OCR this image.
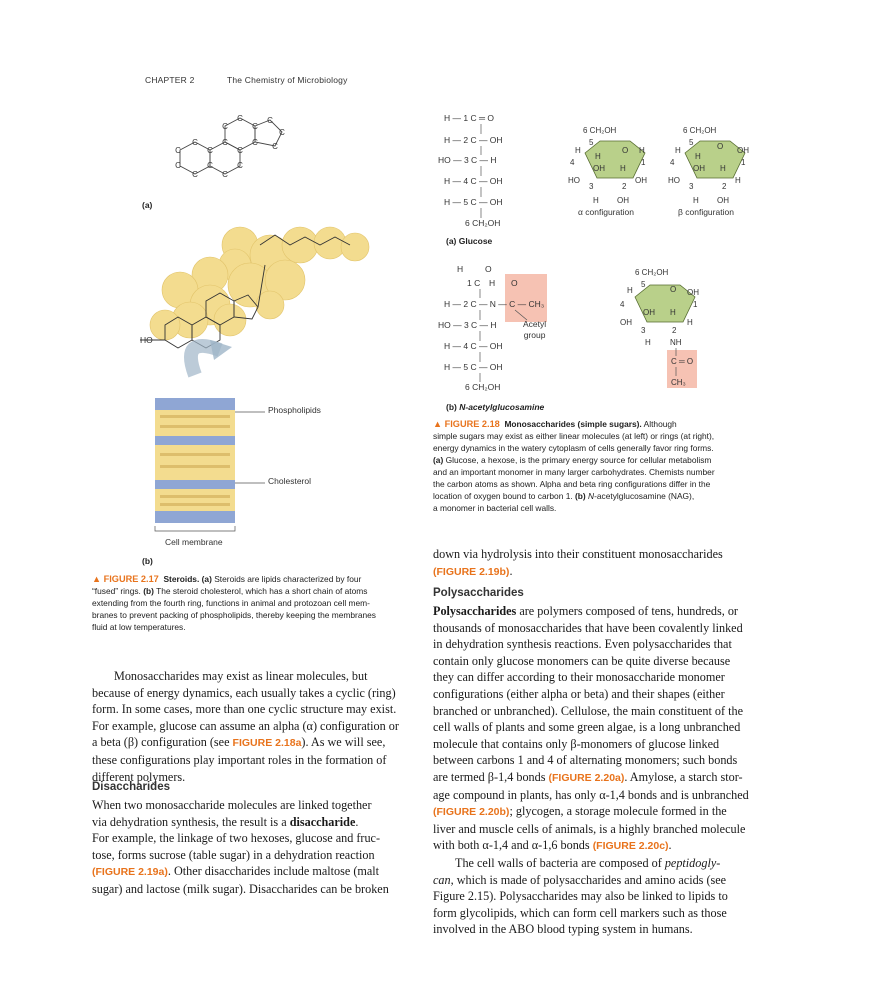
CHAPTER 2	The Chemistry of Microbiology
C
C
C
C
C
C
C
C
C
C
C
C
C
C
C
C
C
(a)
HO
Phospholipids
Cholesterol
Cell membrane
(b)
▲ FIGURE 2.17 Steroids. (a) Steroids are lipids characterized by four
“fused” rings. (b) The steroid cholesterol, which has a short chain of atoms
extending from the fourth ring, functions in animal and protozoan cell mem-
branes to prevent packing of phospholipids, thereby keeping the membranes
fluid at low temperatures.
H — 1 C ═ O
H — 2 C — OH
HO — 3 C — H
H — 4 C — OH
H — 5 C — OH
6 CH₂OH
(a) Glucose
6 CH₂OH
5
O
H
H
H
4	1
OH H
HO	OH
3	2
H OH
α configuration
6 CH₂OH
5	O
H
H
OH
4	1
OH H
HO	H
3	2
H OH
β configuration
H	O
1 C H O
H — 2 C — N — C — CH₃
HO — 3 C — H
H — 4 C — OH
H — 5 C — OH
6 CH₂OH
Acetyl
group
(b) N-acetylglucosamine
6 CH₂OH
5
O
H	OH
4	1
OH H
OH	H
3	2
H NH
C ═ O
CH₃
▲ FIGURE 2.18 Monosaccharides (simple sugars). Although
simple sugars may exist as either linear molecules (at left) or rings (at right),
energy dynamics in the watery cytoplasm of cells generally favor ring forms.
(a) Glucose, a hexose, is the primary energy source for cellular metabolism
and an important monomer in many larger carbohydrates. Chemists number
the carbon atoms as shown. Alpha and beta ring configurations differ in the
location of oxygen bound to carbon 1. (b) N-acetylglucosamine (NAG),
a monomer in bacterial cell walls.
Monosaccharides may exist as linear molecules, but
because of energy dynamics, each usually takes a cyclic (ring)
form. In some cases, more than one cyclic structure may exist.
For example, glucose can assume an alpha (α) configuration or
a beta (β) configuration (see FIGURE 2.18a). As we will see,
these configurations play important roles in the formation of
different polymers.
Disaccharides
When two monosaccharide molecules are linked together
via dehydration synthesis, the result is a disaccharide.
For example, the linkage of two hexoses, glucose and fruc-
tose, forms sucrose (table sugar) in a dehydration reaction
(FIGURE 2.19a). Other disaccharides include maltose (malt
sugar) and lactose (milk sugar). Disaccharides can be broken
down via hydrolysis into their constituent monosaccharides
(FIGURE 2.19b).
Polysaccharides
Polysaccharides are polymers composed of tens, hundreds, or
thousands of monosaccharides that have been covalently linked
in dehydration synthesis reactions. Even polysaccharides that
contain only glucose monomers can be quite diverse because
they can differ according to their monosaccharide monomer
configurations (either alpha or beta) and their shapes (either
branched or unbranched). Cellulose, the main constituent of the
cell walls of plants and some green algae, is a long unbranched
molecule that contains only β-monomers of glucose linked
between carbons 1 and 4 of alternating monomers; such bonds
are termed β-1,4 bonds (FIGURE 2.20a). Amylose, a starch stor-
age compound in plants, has only α-1,4 bonds and is unbranched
(FIGURE 2.20b); glycogen, a storage molecule formed in the
liver and muscle cells of animals, is a highly branched molecule
with both α-1,4 and α-1,6 bonds (FIGURE 2.20c).
The cell walls of bacteria are composed of peptidogly-
can, which is made of polysaccharides and amino acids (see
Figure 2.15). Polysaccharides may also be linked to lipids to
form glycolipids, which can form cell markers such as those
involved in the ABO blood typing system in humans.
